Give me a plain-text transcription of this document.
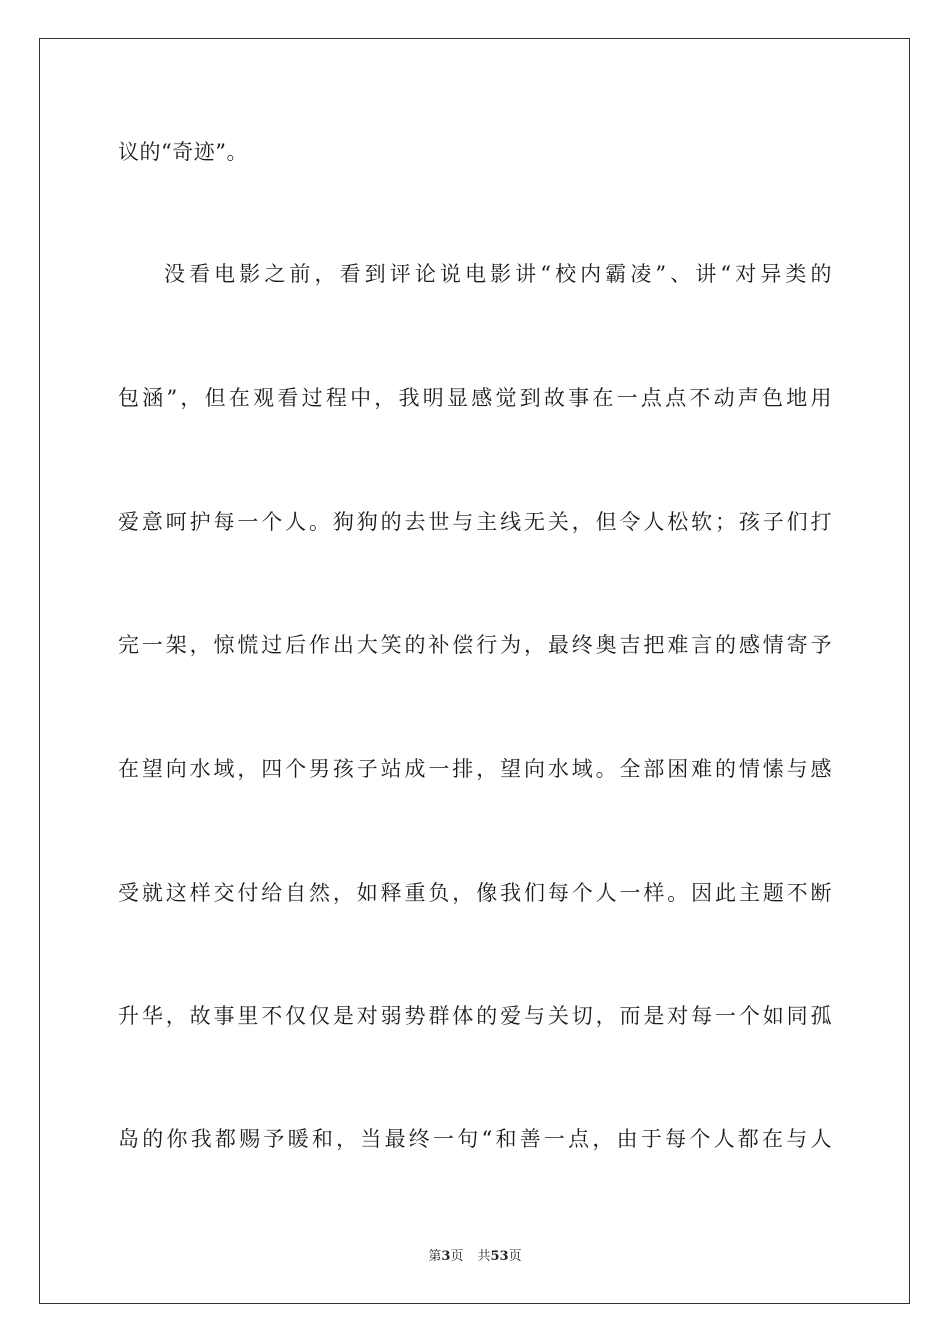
议的“奇迹”。
没看电影之前，看到评论说电影讲“校内霸凌”、讲“对异类的
包涵”，但在观看过程中，我明显感觉到故事在一点点不动声色地用
爱意呵护每一个人。狗狗的去世与主线无关，但令人松软；孩子们打
完一架，惊慌过后作出大笑的补偿行为，最终奥吉把难言的感情寄予
在望向水域，四个男孩子站成一排，望向水域。全部困难的情愫与感
受就这样交付给自然，如释重负，像我们每个人一样。因此主题不断
升华，故事里不仅仅是对弱势群体的爱与关切，而是对每一个如同孤
岛的你我都赐予暖和，当最终一句“和善一点，由于每个人都在与人
第3页 共53页
